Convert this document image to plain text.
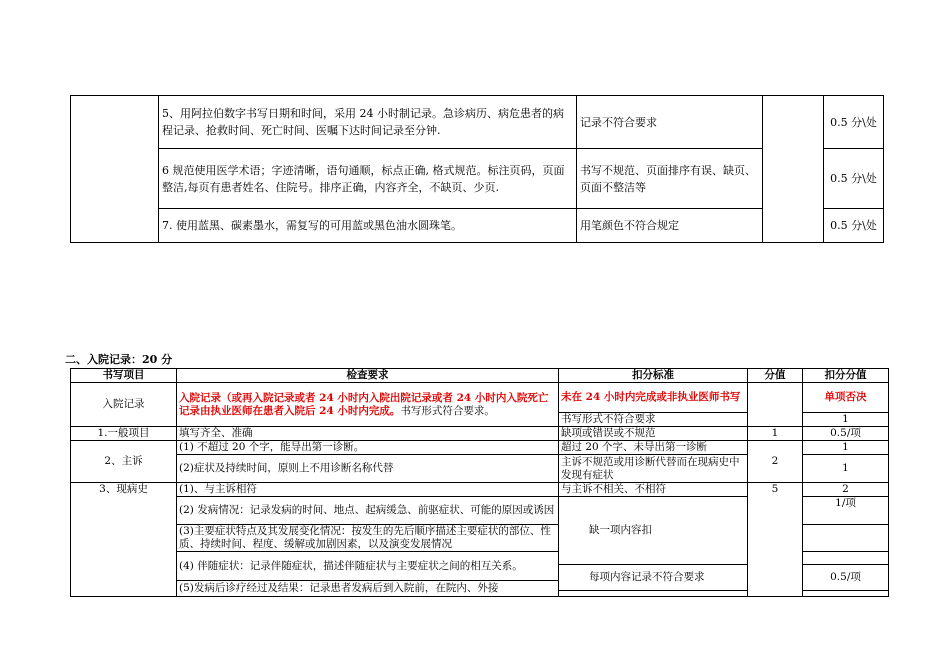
	5、用阿拉伯数字书写日期和时间，采用 24 小时制记录。急诊病历、病危患者的病程记录、抢救时间、死亡时间、医嘱下达时间记录至分钟.	记录不符合要求		0.5 分\处
	6 规范使用医学术语；字迹清晰，语句通顺，标点正确, 格式规范。标注页码，页面整洁,每页有患者姓名、住院号。排序正确，内容齐全，不缺页、少页.	书写不规范、页面排序有误、缺页、页面不整洁等		0.5 分\处
	7. 使用蓝黑、碳素墨水，需复写的可用蓝或黑色油水圆珠笔。	用笔颜色不符合规定		0.5 分\处
二、入院记录：20 分
书写项目	检查要求	扣分标准	分值	扣分分值
入院记录	入院记录（或再入院记录或者 24 小时内入院出院记录或者 24 小时内入院死亡记录由执业医师在患者入院后 24 小时内完成。书写形式符合要求。	未在 24 小时内完成或非执业医师书写		单项否决
		书写形式不符合要求		1
1.一般项目	填写齐全、准确	缺项或错误或不规范	1	0.5/项
2、主诉	(1) 不超过 20 个字，能导出第一诊断。	超过 20 个字、未导出第一诊断	2	1
	(2)症状及持续时间，原则上不用诊断名称代替	主诉不规范或用诊断代替而在现病史中发现有症状		1
3、现病史	(1)、与主诉相符	与主诉不相关、不相符	5	2
	(2) 发病情况：记录发病的时间、地点、起病缓急、前驱症状、可能的原因或诱因	缺一项内容扣		1/项
	(3)主要症状特点及其发展变化情况：按发生的先后顺序描述主要症状的部位、性质、持续时间、程度、缓解或加剧因素，以及演变发展情况			
	(4) 伴随症状：记录伴随症状，描述伴随症状与主要症状之间的相互关系。			
		每项内容记录不符合要求		0.5/项
	(5)发病后诊疗经过及结果：记录患者发病后到入院前，在院内、外接			
